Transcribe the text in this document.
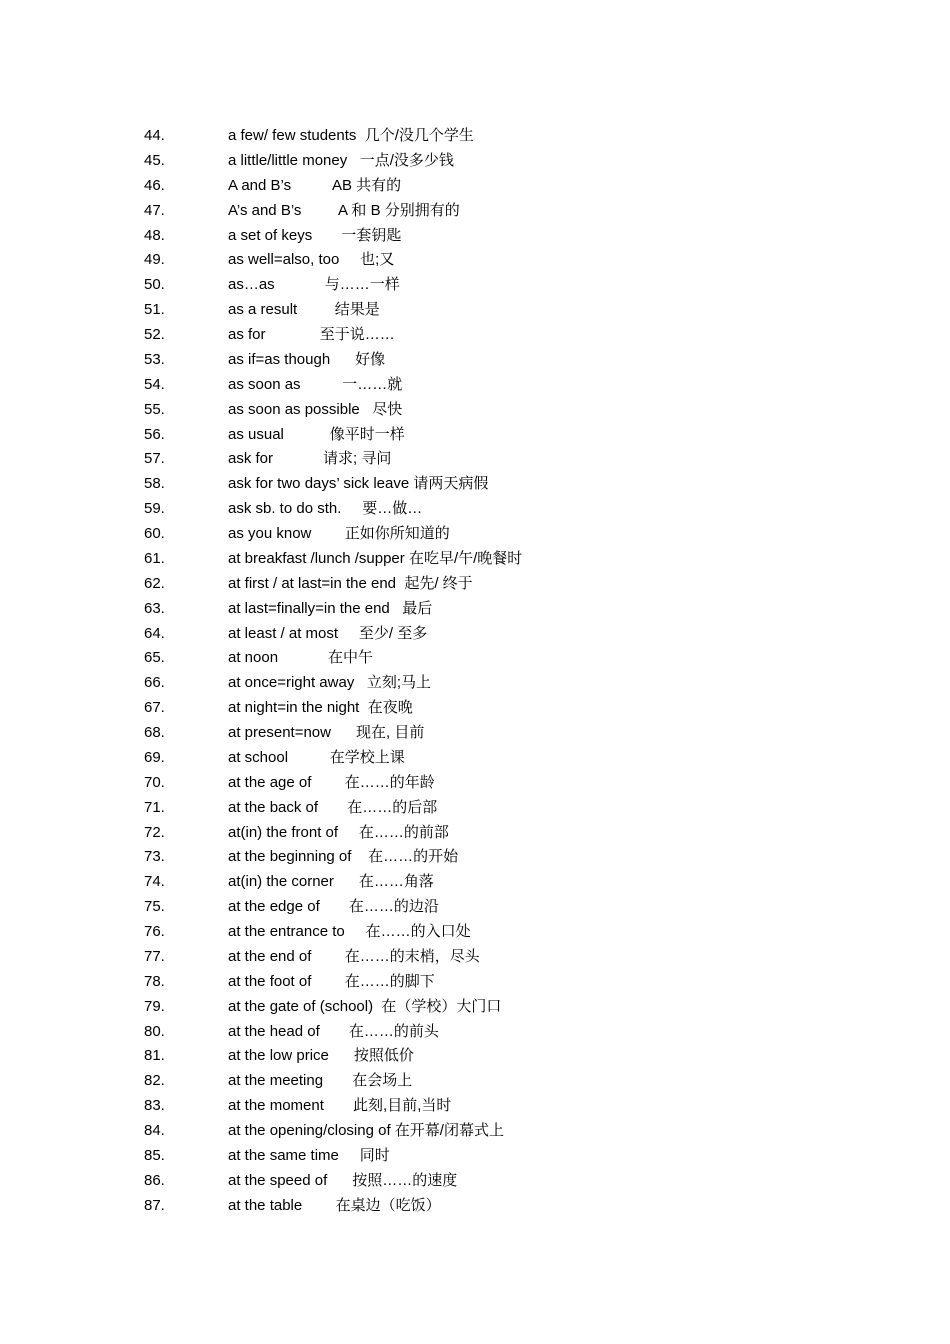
44.	a few/ few students  几个/没几个学生
45.	a little/little money   一点/没多少钱
46.	A and B’s          AB 共有的
47.	A’s and B’s         A 和 B 分别拥有的
48.	a set of keys       一套钥匙
49.	as well=also, too     也;又
50.	as…as            与……一样
51.	as a result         结果是
52.	as for             至于说……
53.	as if=as though      好像
54.	as soon as          一……就
55.	as soon as possible   尽快
56.	as usual           像平时一样
57.	ask for            请求; 寻问
58.	ask for two days’ sick leave 请两天病假
59.	ask sb. to do sth.     要…做…
60.	as you know        正如你所知道的
61.	at breakfast /lunch /supper 在吃早/午/晚餐时
62.	at first / at last=in the end  起先/ 终于
63.	at last=finally=in the end   最后
64.	at least / at most     至少/ 至多
65.	at noon            在中午
66.	at once=right away   立刻;马上
67.	at night=in the night  在夜晚
68.	at present=now      现在, 目前
69.	at school          在学校上课
70.	at the age of        在……的年龄
71.	at the back of       在……的后部
72.	at(in) the front of     在……的前部
73.	at the beginning of    在……的开始
74.	at(in) the corner      在……角落
75.	at the edge of       在……的边沿
76.	at the entrance to     在……的入口处
77.	at the end of        在……的末梢，尽头
78.	at the foot of        在……的脚下
79.	at the gate of (school)  在（学校）大门口
80.	at the head of       在……的前头
81.	at the low price      按照低价
82.	at the meeting       在会场上
83.	at the moment       此刻,目前,当时
84.	at the opening/closing of 在开幕/闭幕式上
85.	at the same time     同时
86.	at the speed of      按照……的速度
87.	at the table        在桌边（吃饭）
